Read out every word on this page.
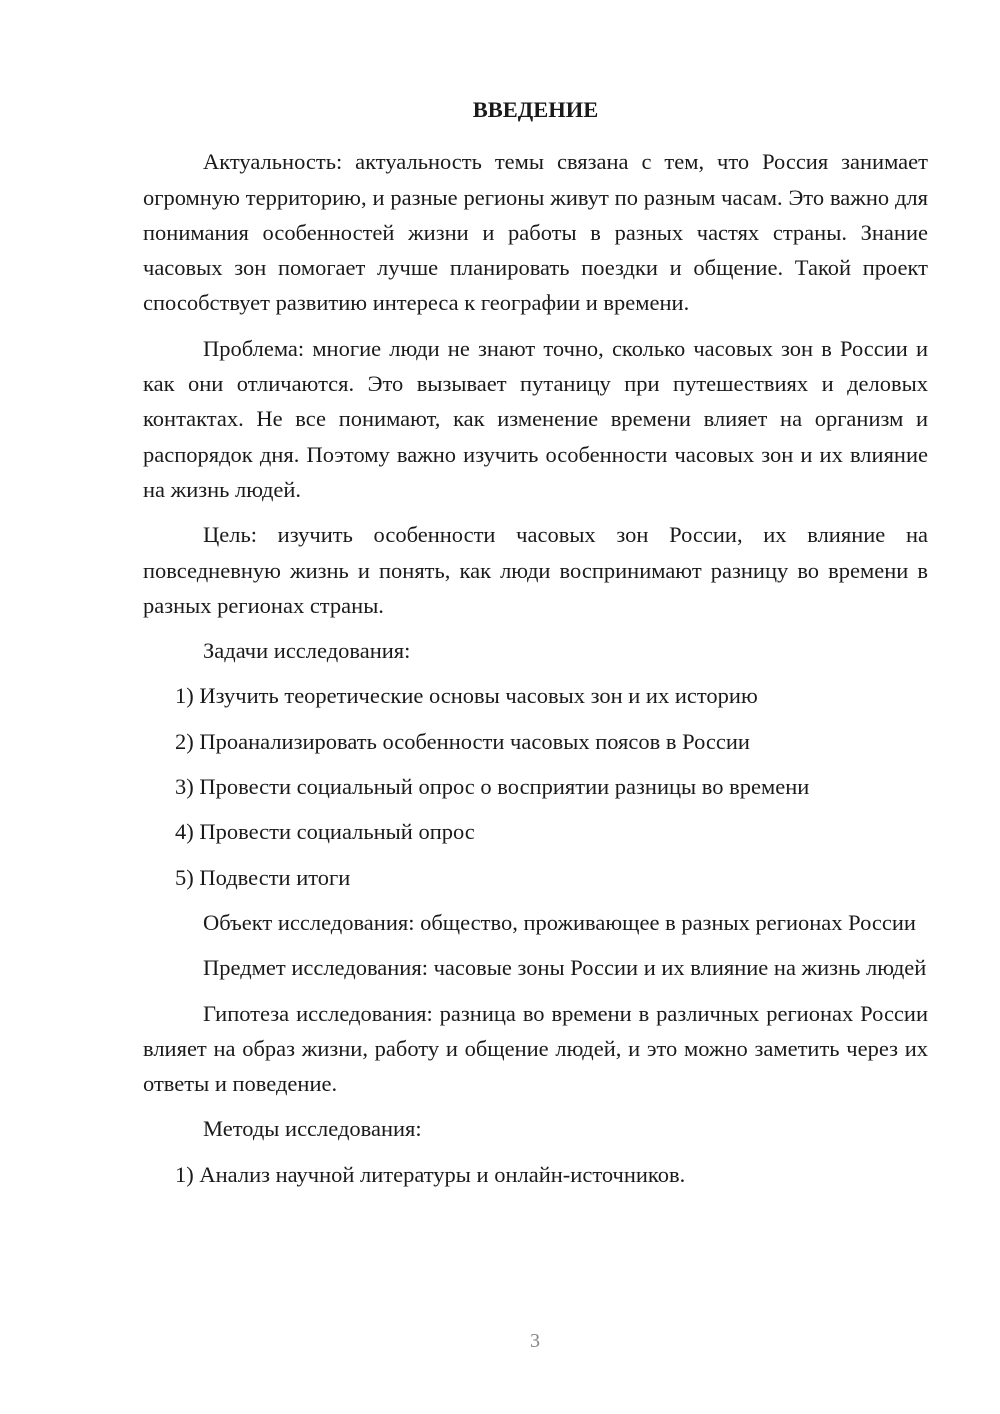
ВВЕДЕНИЕ

Актуальность: актуальность темы связана с тем, что Россия занимает огромную территорию, и разные регионы живут по разным часам. Это важно для понимания особенностей жизни и работы в разных частях страны. Знание часовых зон помогает лучше планировать поездки и общение. Такой проект способствует развитию интереса к географии и времени.

Проблема: многие люди не знают точно, сколько часовых зон в России и как они отличаются. Это вызывает путаницу при путешествиях и деловых контактах. Не все понимают, как изменение времени влияет на организм и распорядок дня. Поэтому важно изучить особенности часовых зон и их влияние на жизнь людей.

Цель: изучить особенности часовых зон России, их влияние на повседневную жизнь и понять, как люди воспринимают разницу во времени в разных регионах страны.

Задачи исследования:

1) Изучить теоретические основы часовых зон и их историю

2) Проанализировать особенности часовых поясов в России

3) Провести социальный опрос о восприятии разницы во времени

4) Провести социальный опрос

5) Подвести итоги

Объект исследования: общество, проживающее в разных регионах России

Предмет исследования: часовые зоны России и их влияние на жизнь людей

Гипотеза исследования: разница во времени в различных регионах России влияет на образ жизни, работу и общение людей, и это можно заметить через их ответы и поведение.

Методы исследования:

1) Анализ научной литературы и онлайн-источников.

3
